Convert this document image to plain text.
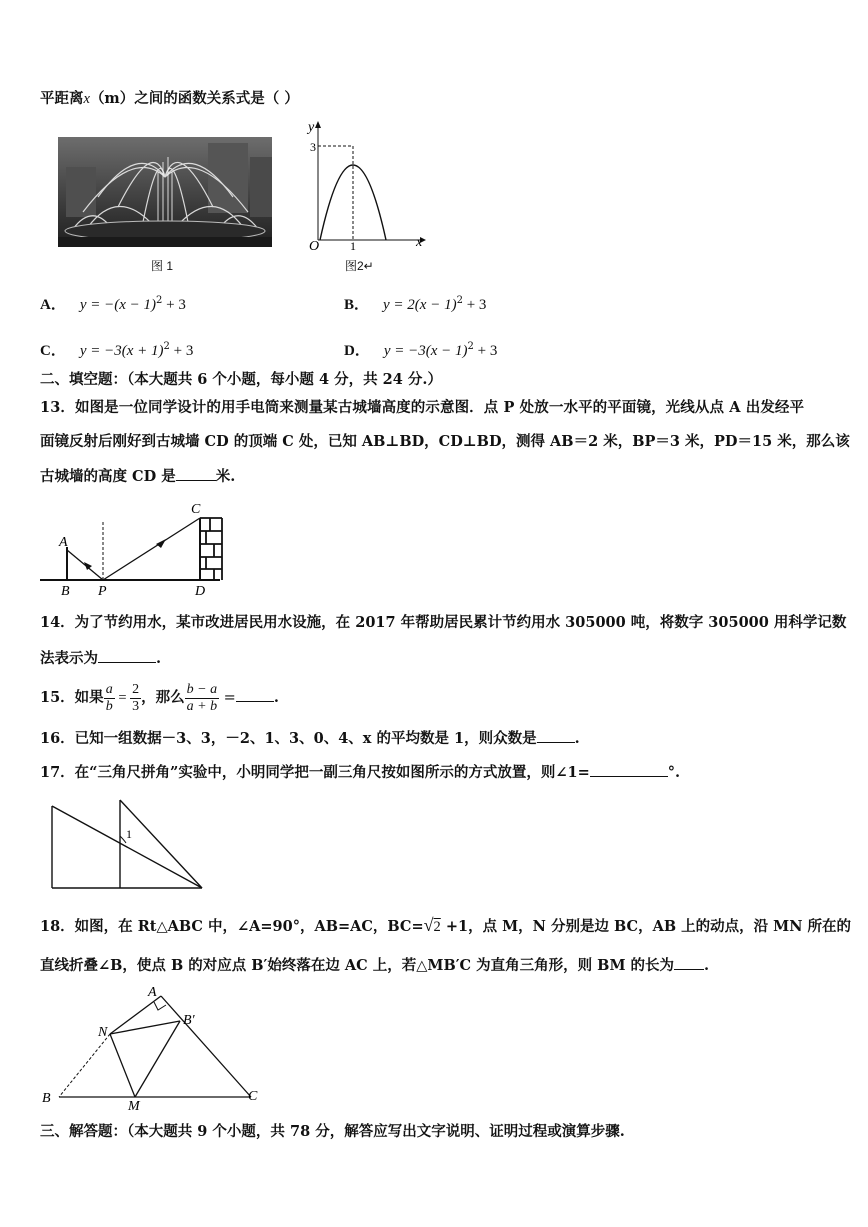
平距离x（m）之间的函数关系式是（ ）
图 1
y
x
O
3
1
图2↵
A． $y = -(x - 1)^2 + 3$	B． $y = 2(x - 1)^2 + 3$
C． $y = -3(x + 1)^2 + 3$	D． $y = -3(x - 1)^2 + 3$
二、填空题：（本大题共 6 个小题，每小题 4 分，共 24 分.）
13．如图是一位同学设计的用手电筒来测量某古城墙高度的示意图．点 P 处放一水平的平面镜，光线从点 A 出发经平
面镜反射后刚好到古城墙 CD 的顶端 C 处，已知 AB⊥BD，CD⊥BD，测得 AB＝2 米，BP＝3 米，PD＝15 米，那么该
古城墙的高度 CD 是	米.
A
B P
C
D
14．为了节约用水，某市改进居民用水设施，在 2017 年帮助居民累计节约用水 305000 吨，将数字 305000 用科学记数
法表示为	.
15．如果 $\frac{a}{b} = \frac{2}{3}$ ，那么 $\frac{b - a}{a + b}$ =	.
16．已知一组数据－3、3，－2、1、3、0、4、x 的平均数是 1，则众数是	.
17．在“三角尺拼角”实验中，小明同学把一副三角尺按如图所示的方式放置，则∠1=	°.
1
18．如图，在 Rt△ABC 中，∠A=90°，AB=AC，BC=√2 +1，点 M，N 分别是边 BC，AB 上的动点，沿 MN 所在的
直线折叠∠B，使点 B 的对应点 B′始终落在边 AC 上，若△MB′C 为直角三角形，则 BM 的长为 .
A
B	C
M
N
B′
三、解答题：（本大题共 9 个小题，共 78 分，解答应写出文字说明、证明过程或演算步骤.
